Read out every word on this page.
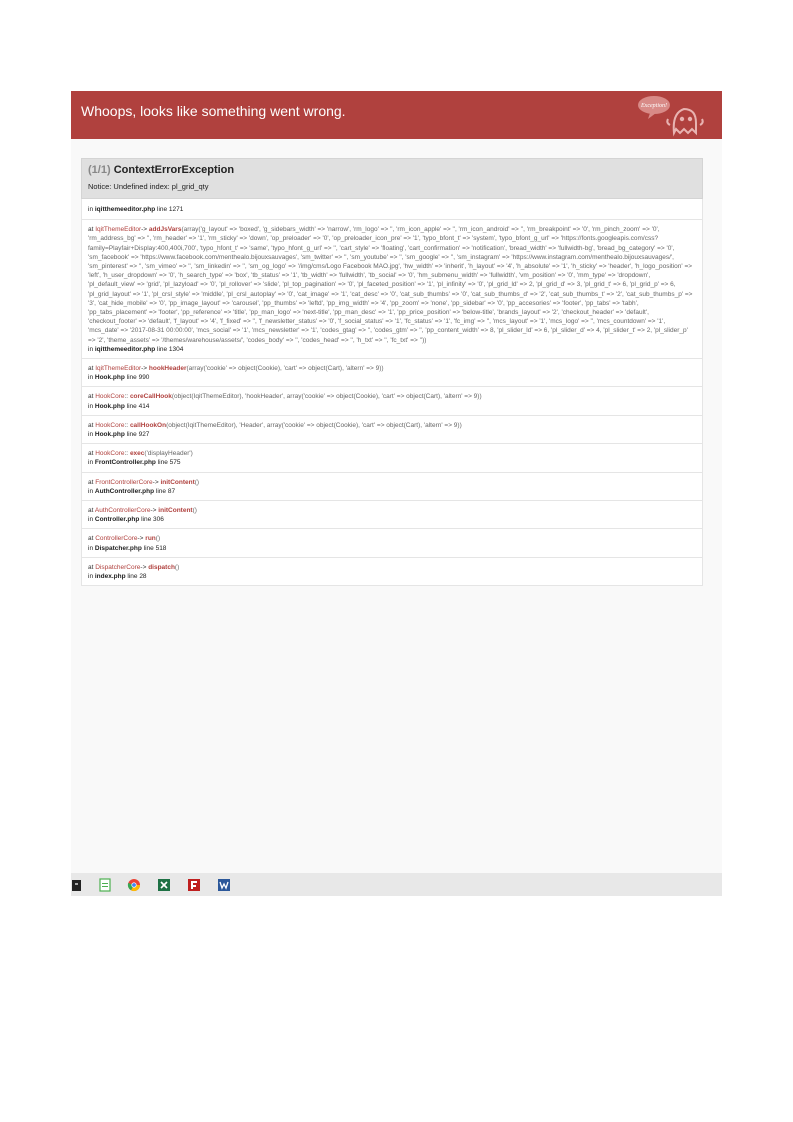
Whoops, looks like something went wrong.	Exception!
(1/1) ContextErrorException
Notice: Undefined index: pl_grid_qty
in iqitthemeeditor.php line 1271
at IqitThemeEditor-> addJsVars(array('g_layout' => 'boxed', 'g_sidebars_width' => 'narrow', 'rm_logo' => '', 'rm_icon_apple' => '', 'rm_icon_android' => '', 'rm_breakpoint' => '0', 'rm_pinch_zoom' => '0', 'rm_address_bg' => '', 'rm_header' => '1', 'rm_sticky' => 'down', 'op_preloader' => '0', 'op_preloader_icon_pre' => '1', 'typo_bfont_t' => 'system', 'typo_bfont_g_url' => 'https://fonts.googleapis.com/css?family=Playfair+Display:400,400i,700', 'typo_hfont_t' => 'same', 'typo_hfont_g_url' => '', 'cart_style' => 'floating', 'cart_confirmation' => 'notification', 'bread_width' => 'fullwidth-bg', 'bread_bg_category' => '0', 'sm_facebook' => 'https://www.facebook.com/menthealo.bijouxsauvages', 'sm_twitter' => '', 'sm_youtube' => '', 'sm_google' => '', 'sm_instagram' => 'https://www.instagram.com/menthealo.bijouxsauvages/', 'sm_pinterest' => '', 'sm_vimeo' => '', 'sm_linkedin' => '', 'sm_og_logo' => '/img/cms/Logo Facebook MAO.jpg', 'hw_width' => 'inherit', 'h_layout' => '4', 'h_absolute' => '1', 'h_sticky' => 'header', 'h_logo_position' => 'left', 'h_user_dropdown' => '0', 'h_search_type' => 'box', 'tb_status' => '1', 'tb_width' => 'fullwidth', 'tb_social' => '0', 'hm_submenu_width' => 'fullwidth', 'vm_position' => '0', 'mm_type' => 'dropdown', 'pl_default_view' => 'grid', 'pl_lazyload' => '0', 'pl_rollover' => 'slide', 'pl_top_pagination' => '0', 'pl_faceted_position' => '1', 'pl_infinity' => '0', 'pl_grid_ld' => 2, 'pl_grid_d' => 3, 'pl_grid_t' => 6, 'pl_grid_p' => 6, 'pl_grid_layout' => '1', 'pl_crsl_style' => 'middle', 'pl_crsl_autoplay' => '0', 'cat_image' => '1', 'cat_desc' => '0', 'cat_sub_thumbs' => '0', 'cat_sub_thumbs_d' => '2', 'cat_sub_thumbs_t' => '2', 'cat_sub_thumbs_p' => '3', 'cat_hide_mobile' => '0', 'pp_image_layout' => 'carousel', 'pp_thumbs' => 'leftd', 'pp_img_width' => '4', 'pp_zoom' => 'none', 'pp_sidebar' => '0', 'pp_accesories' => 'footer', 'pp_tabs' => 'tabh', 'pp_tabs_placement' => 'footer', 'pp_reference' => 'title', 'pp_man_logo' => 'next-title', 'pp_man_desc' => '1', 'pp_price_position' => 'below-title', 'brands_layout' => '2', 'checkout_header' => 'default', 'checkout_footer' => 'default', 'f_layout' => '4', 'f_fixed' => '', 'f_newsletter_status' => '0', 'f_social_status' => '1', 'fc_status' => '1', 'fc_img' => '', 'mcs_layout' => '1', 'mcs_logo' => '', 'mcs_countdown' => '1', 'mcs_date' => '2017-08-31 00:00:00', 'mcs_social' => '1', 'mcs_newsletter' => '1', 'codes_gtag' => '', 'codes_gtm' => '', 'pp_content_width' => 8, 'pl_slider_ld' => 6, 'pl_slider_d' => 4, 'pl_slider_t' => 2, 'pl_slider_p' => '2', 'theme_assets' => '/themes/warehouse/assets/', 'codes_body' => '', 'codes_head' => '', 'h_txt' => '', 'fc_txt' => ''))
in iqitthemeeditor.php line 1304
at IqitThemeEditor-> hookHeader(array('cookie' => object(Cookie), 'cart' => object(Cart), 'altern' => 9))
in Hook.php line 990
at HookCore:: coreCallHook(object(IqitThemeEditor), 'hookHeader', array('cookie' => object(Cookie), 'cart' => object(Cart), 'altern' => 9))
in Hook.php line 414
at HookCore:: callHookOn(object(IqitThemeEditor), 'Header', array('cookie' => object(Cookie), 'cart' => object(Cart), 'altern' => 9))
in Hook.php line 927
at HookCore:: exec('displayHeader')
in FrontController.php line 575
at FrontControllerCore-> initContent()
in AuthController.php line 87
at AuthControllerCore-> initContent()
in Controller.php line 306
at ControllerCore-> run()
in Dispatcher.php line 518
at DispatcherCore-> dispatch()
in index.php line 28
